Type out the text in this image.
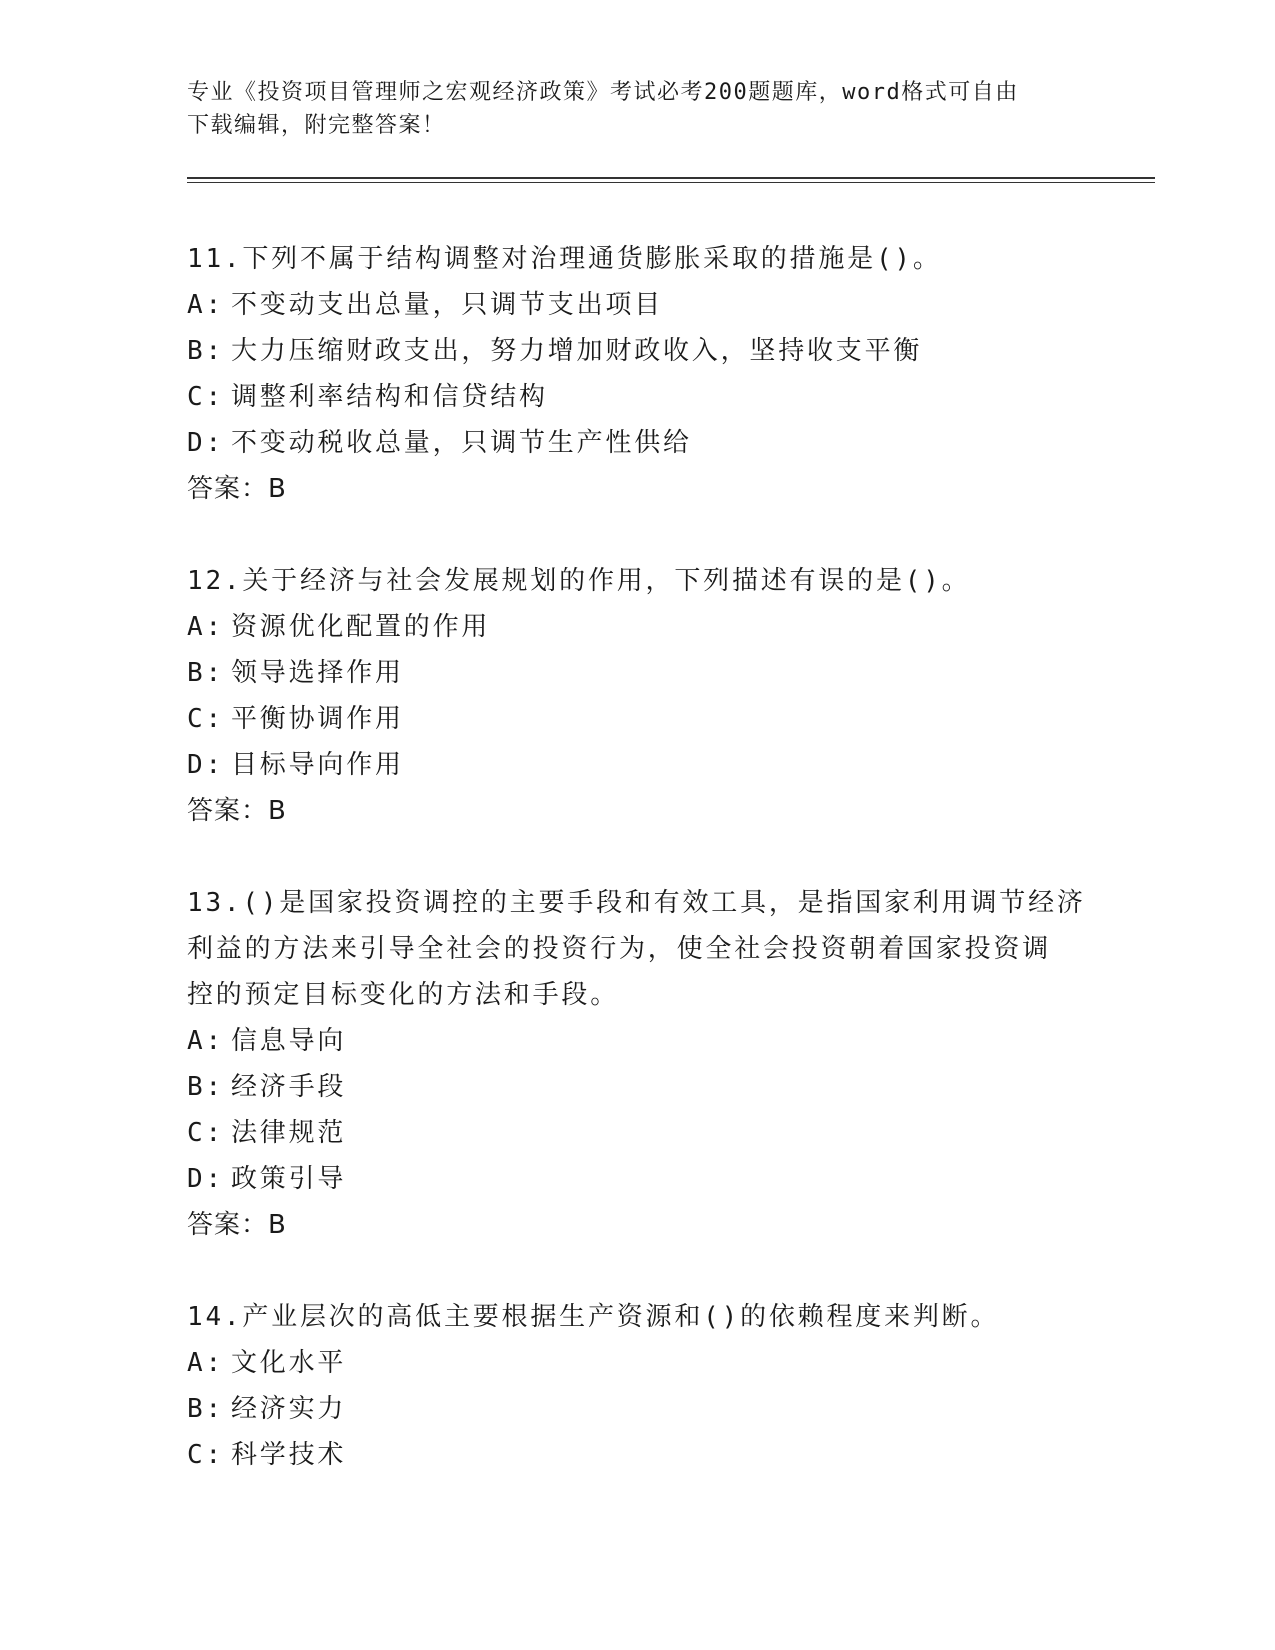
专业《投资项目管理师之宏观经济政策》考试必考200题题库，word格式可自由
下载编辑，附完整答案！
11.下列不属于结构调整对治理通货膨胀采取的措施是()。
A: 不变动支出总量，只调节支出项目
B: 大力压缩财政支出，努力增加财政收入，坚持收支平衡
C: 调整利率结构和信贷结构
D: 不变动税收总量，只调节生产性供给
答案：B
12.关于经济与社会发展规划的作用，下列描述有误的是()。
A: 资源优化配置的作用
B: 领导选择作用
C: 平衡协调作用
D: 目标导向作用
答案：B
13.()是国家投资调控的主要手段和有效工具，是指国家利用调节经济
利益的方法来引导全社会的投资行为，使全社会投资朝着国家投资调
控的预定目标变化的方法和手段。
A: 信息导向
B: 经济手段
C: 法律规范
D: 政策引导
答案：B
14.产业层次的高低主要根据生产资源和()的依赖程度来判断。
A: 文化水平
B: 经济实力
C: 科学技术
